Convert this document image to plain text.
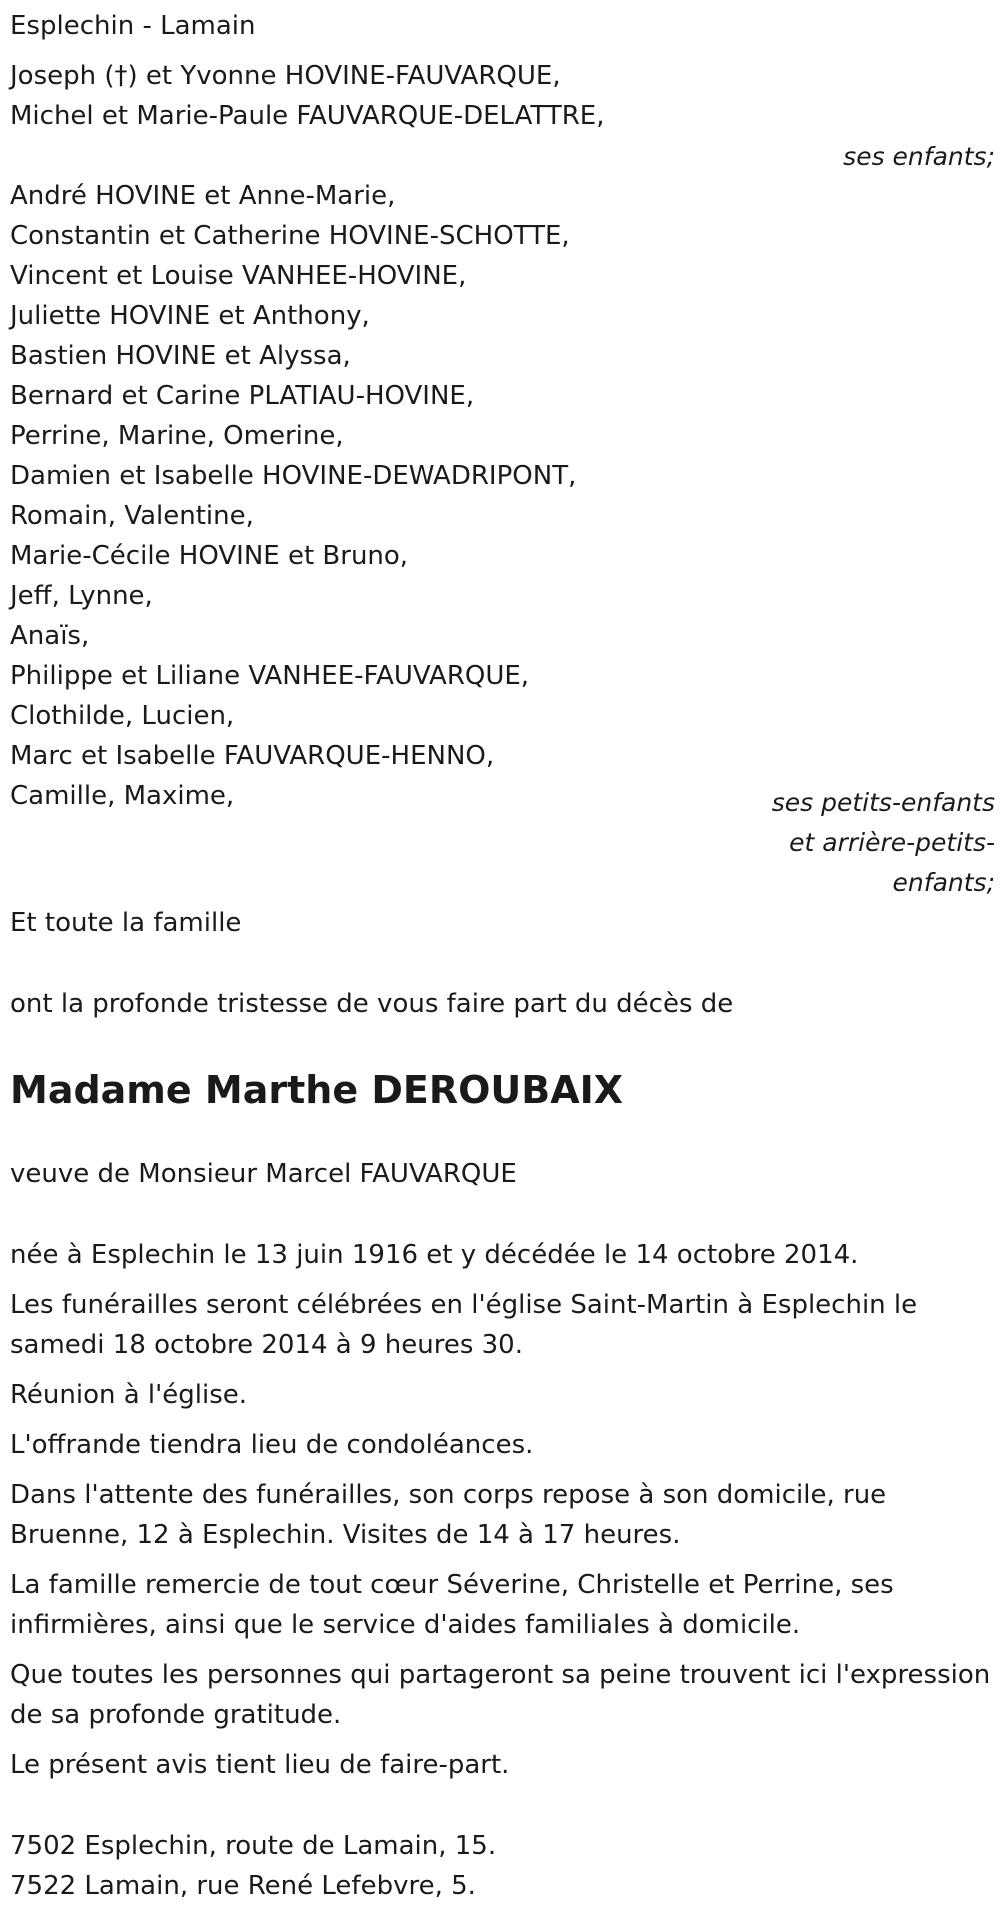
Esplechin - Lamain

Joseph (†) et Yvonne HOVINE-FAUVARQUE,

Michel et Marie-Paule FAUVARQUE-DELATTRE,

ses enfants;

André HOVINE et Anne-Marie,

Constantin et Catherine HOVINE-SCHOTTE,

Vincent et Louise VANHEE-HOVINE,

Juliette HOVINE et Anthony,

Bastien HOVINE et Alyssa,

Bernard et Carine PLATIAU-HOVINE,

Perrine, Marine, Omerine,

Damien et Isabelle HOVINE-DEWADRIPONT,

Romain, Valentine,

Marie-Cécile HOVINE et Bruno,

Jeff, Lynne,

Anaïs,

Philippe et Liliane VANHEE-FAUVARQUE,

Clothilde, Lucien,

Marc et Isabelle FAUVARQUE-HENNO,

Camille, Maxime,	ses petits-enfants

et arrière-petits-

enfants;

Et toute la famille

ont la profonde tristesse de vous faire part du décès de

Madame Marthe DEROUBAIX

veuve de Monsieur Marcel FAUVARQUE

née à Esplechin le 13 juin 1916 et y décédée le 14 octobre 2014.

Les funérailles seront célébrées en l'église Saint-Martin à Esplechin le samedi 18 octobre 2014 à 9 heures 30.

Réunion à l'église.

L'offrande tiendra lieu de condoléances.

Dans l'attente des funérailles, son corps repose à son domicile, rue Bruenne, 12 à Esplechin. Visites de 14 à 17 heures.

La famille remercie de tout cœur Séverine, Christelle et Perrine, ses infirmières, ainsi que le service d'aides familiales à domicile.

Que toutes les personnes qui partageront sa peine trouvent ici l'expression de sa profonde gratitude.

Le présent avis tient lieu de faire-part.

7502 Esplechin, route de Lamain, 15.

7522 Lamain, rue René Lefebvre, 5.
